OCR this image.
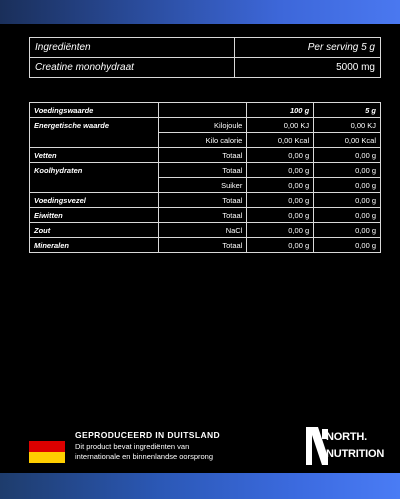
Ingrediënten	Per serving 5 g
Creatine monohydraat	5000 mg
Voedingswaarde		100 g	5 g
Energetische waarde	Kilojoule	0,00 KJ	0,00 KJ
	Kilo calorie	0,00 Kcal	0,00 Kcal
Vetten	Totaal	0,00 g	0,00 g
Koolhydraten	Totaal	0,00 g	0,00 g
	Suiker	0,00 g	0,00 g
Voedingsvezel	Totaal	0,00 g	0,00 g
Eiwitten	Totaal	0,00 g	0,00 g
Zout	NaCl	0,00 g	0,00 g
Mineralen	Totaal	0,00 g	0,00 g
GEPRODUCEERD IN DUITSLAND
Dit product bevat ingrediënten van
internationale en binnenlandse oorsprong
NORTH.
NUTRITION
